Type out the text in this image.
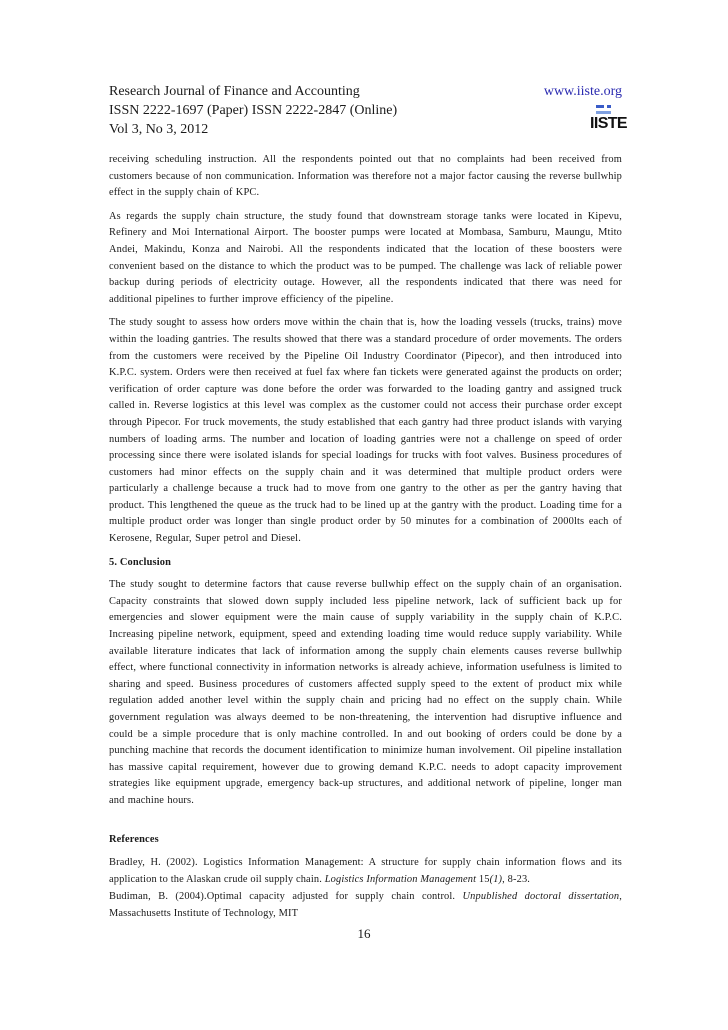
Research Journal of Finance and Accounting
ISSN 2222-1697 (Paper) ISSN 2222-2847 (Online)
Vol 3, No 3, 2012
www.iiste.org
IISTE

receiving scheduling instruction. All the respondents pointed out that no complaints had been received from customers because of non communication. Information was therefore not a major factor causing the reverse bullwhip effect in the supply chain of KPC.

As regards the supply chain structure, the study found that downstream storage tanks were located in Kipevu, Refinery and Moi International Airport. The booster pumps were located at Mombasa, Samburu, Maungu, Mtito Andei, Makindu, Konza and Nairobi. All the respondents indicated that the location of these boosters were convenient based on the distance to which the product was to be pumped. The challenge was lack of reliable power backup during periods of electricity outage. However, all the respondents indicated that there was need for additional pipelines to further improve efficiency of the pipeline.

The study sought to assess how orders move within the chain that is, how the loading vessels (trucks, trains) move within the loading gantries. The results showed that there was a standard procedure of order movements. The orders from the customers were received by the Pipeline Oil Industry Coordinator (Pipecor), and then introduced into K.P.C. system. Orders were then received at fuel fax where fan tickets were generated against the products on order; verification of order capture was done before the order was forwarded to the loading gantry and assigned truck called in. Reverse logistics at this level was complex as the customer could not access their purchase order except through Pipecor. For truck movements, the study established that each gantry had three product islands with varying numbers of loading arms. The number and location of loading gantries were not a challenge on speed of order processing since there were isolated islands for special loadings for trucks with foot valves. Business procedures of customers had minor effects on the supply chain and it was determined that multiple product orders were particularly a challenge because a truck had to move from one gantry to the other as per the gantry having that product. This lengthened the queue as the truck had to be lined up at the gantry with the product. Loading time for a multiple product order was longer than single product order by 50 minutes for a combination of 2000lts each of Kerosene, Regular, Super petrol and Diesel.

5. Conclusion

The study sought to determine factors that cause reverse bullwhip effect on the supply chain of an organisation. Capacity constraints that slowed down supply included less pipeline network, lack of sufficient back up for emergencies and slower equipment were the main cause of supply variability in the supply chain of K.P.C. Increasing pipeline network, equipment, speed and extending loading time would reduce supply variability. While available literature indicates that lack of information among the supply chain elements causes reverse bullwhip effect, where functional connectivity in information networks is already achieve, information usefulness is limited to sharing and speed. Business procedures of customers affected supply speed to the extent of product mix while regulation added another level within the supply chain and pricing had no effect on the supply chain. While government regulation was always deemed to be non-threatening, the intervention had disruptive influence and could be a simple procedure that is only machine controlled. In and out booking of orders could be done by a punching machine that records the document identification to minimize human involvement. Oil pipeline installation has massive capital requirement, however due to growing demand K.P.C. needs to adopt capacity improvement strategies like equipment upgrade, emergency back-up structures, and additional network of pipeline, longer man and machine hours.

References

Bradley, H. (2002). Logistics Information Management: A structure for supply chain information flows and its application to the Alaskan crude oil supply chain. Logistics Information Management 15(1), 8-23.

Budiman, B. (2004).Optimal capacity adjusted for supply chain control. Unpublished doctoral dissertation, Massachusetts Institute of Technology, MIT

16
